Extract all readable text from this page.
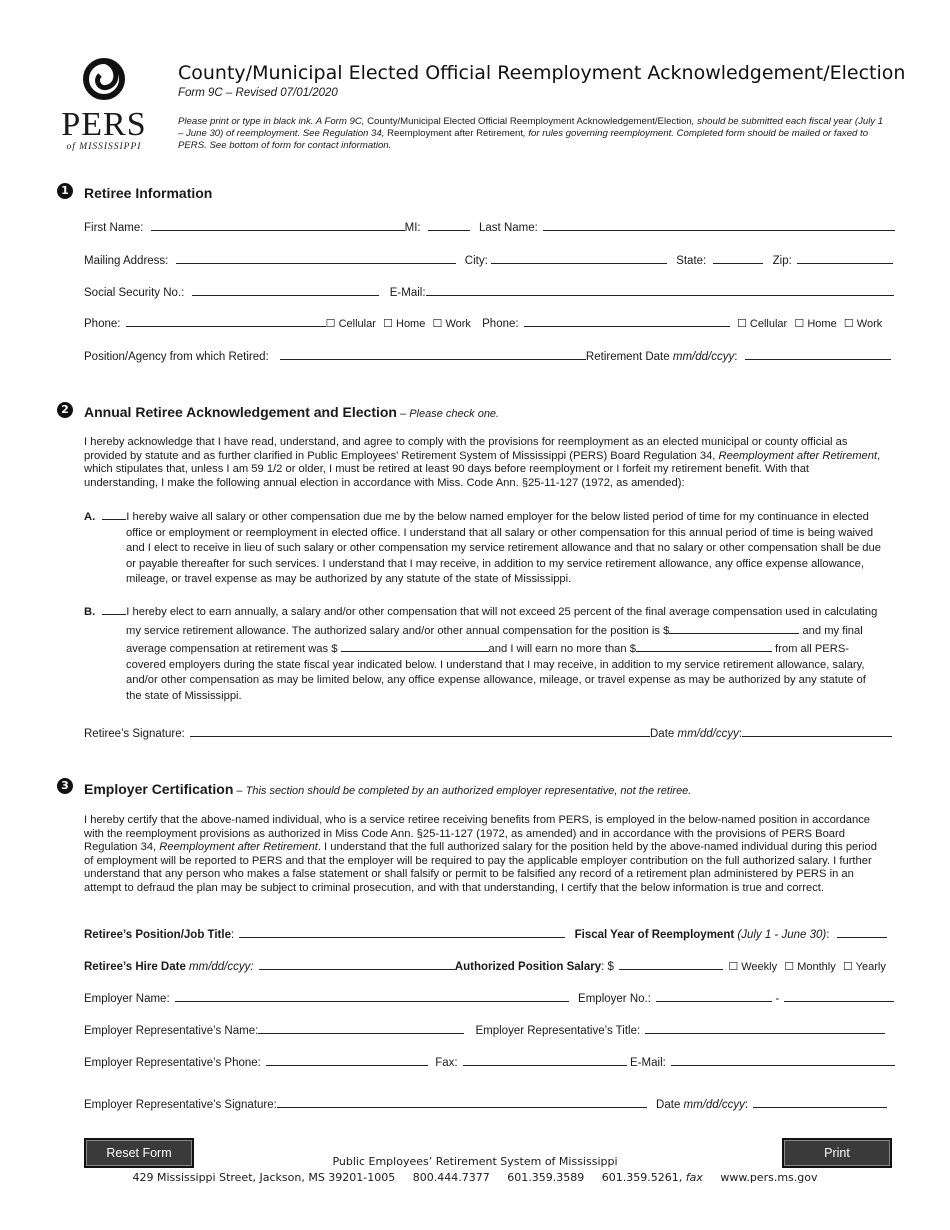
PERS
of MISSISSIPPI
County/Municipal Elected Official Reemployment Acknowledgement/Election
Form 9C – Revised 07/01/2020
Please print or type in black ink. A Form 9C, County/Municipal Elected Official Reemployment Acknowledgement/Election, should be submitted each fiscal year (July 1 – June 30) of reemployment. See Regulation 34, Reemployment after Retirement, for rules governing reemployment. Completed form should be mailed or faxed to PERS. See bottom of form for contact information.
1 Retiree Information
First Name:	MI:	Last Name:
Mailing Address:	City:	State:	Zip:
Social Security No.:	E-Mail:
Phone:	☐ Cellular ☐ Home ☐ Work Phone:	☐ Cellular ☐ Home ☐ Work
Position/Agency from which Retired:	Retirement Date mm/dd/ccyy:
2 Annual Retiree Acknowledgement and Election – Please check one.
I hereby acknowledge that I have read, understand, and agree to comply with the provisions for reemployment as an elected municipal or county official as provided by statute and as further clarified in Public Employees' Retirement System of Mississippi (PERS) Board Regulation 34, Reemployment after Retirement, which stipulates that, unless I am 59 1/2 or older, I must be retired at least 90 days before reemployment or I forfeit my retirement benefit. With that understanding, I make the following annual election in accordance with Miss. Code Ann. §25-11-127 (1972, as amended):
A.	I hereby waive all salary or other compensation due me by the below named employer for the below listed period of time for my continuance in elected office or employment or reemployment in elected office. I understand that all salary or other compensation for this annual period of time is being waived and I elect to receive in lieu of such salary or other compensation my service retirement allowance and that no salary or other compensation shall be due or payable thereafter for such services. I understand that I may receive, in addition to my service retirement allowance, any office expense allowance, mileage, or travel expense as may be authorized by any statute of the state of Mississippi.
B.	I hereby elect to earn annually, a salary and/or other compensation that will not exceed 25 percent of the final average compensation used in calculating my service retirement allowance. The authorized salary and/or other annual compensation for the position is $	and my final average compensation at retirement was $	and I will earn no more than $	from all PERS-covered employers during the state fiscal year indicated below. I understand that I may receive, in addition to my service retirement allowance, salary, and/or other compensation as may be limited below, any office expense allowance, mileage, or travel expense as may be authorized by any statute of the state of Mississippi.
Retiree’s Signature:	Date mm/dd/ccyy:
3 Employer Certification – This section should be completed by an authorized employer representative, not the retiree.
I hereby certify that the above-named individual, who is a service retiree receiving benefits from PERS, is employed in the below-named position in accordance with the reemployment provisions as authorized in Miss Code Ann. §25-11-127 (1972, as amended) and in accordance with the provisions of PERS Board Regulation 34, Reemployment after Retirement. I understand that the full authorized salary for the position held by the above-named individual during this period of employment will be reported to PERS and that the employer will be required to pay the applicable employer contribution on the full authorized salary. I further understand that any person who makes a false statement or shall falsify or permit to be falsified any record of a retirement plan administered by PERS in an attempt to defraud the plan may be subject to criminal prosecution, and with that understanding, I certify that the below information is true and correct.
Retiree’s Position/Job Title:	Fiscal Year of Reemployment (July 1 - June 30):
Retiree’s Hire Date mm/dd/ccyy:	Authorized Position Salary: $	☐ Weekly ☐ Monthly ☐ Yearly
Employer Name:	Employer No.:	-
Employer Representative’s Name:	Employer Representative’s Title:
Employer Representative’s Phone:	Fax:	E-Mail:
Employer Representative’s Signature:	Date mm/dd/ccyy:
Reset Form	Print
Public Employees’ Retirement System of Mississippi
429 Mississippi Street, Jackson, MS 39201-1005 800.444.7377 601.359.3589 601.359.5261, fax www.pers.ms.gov
